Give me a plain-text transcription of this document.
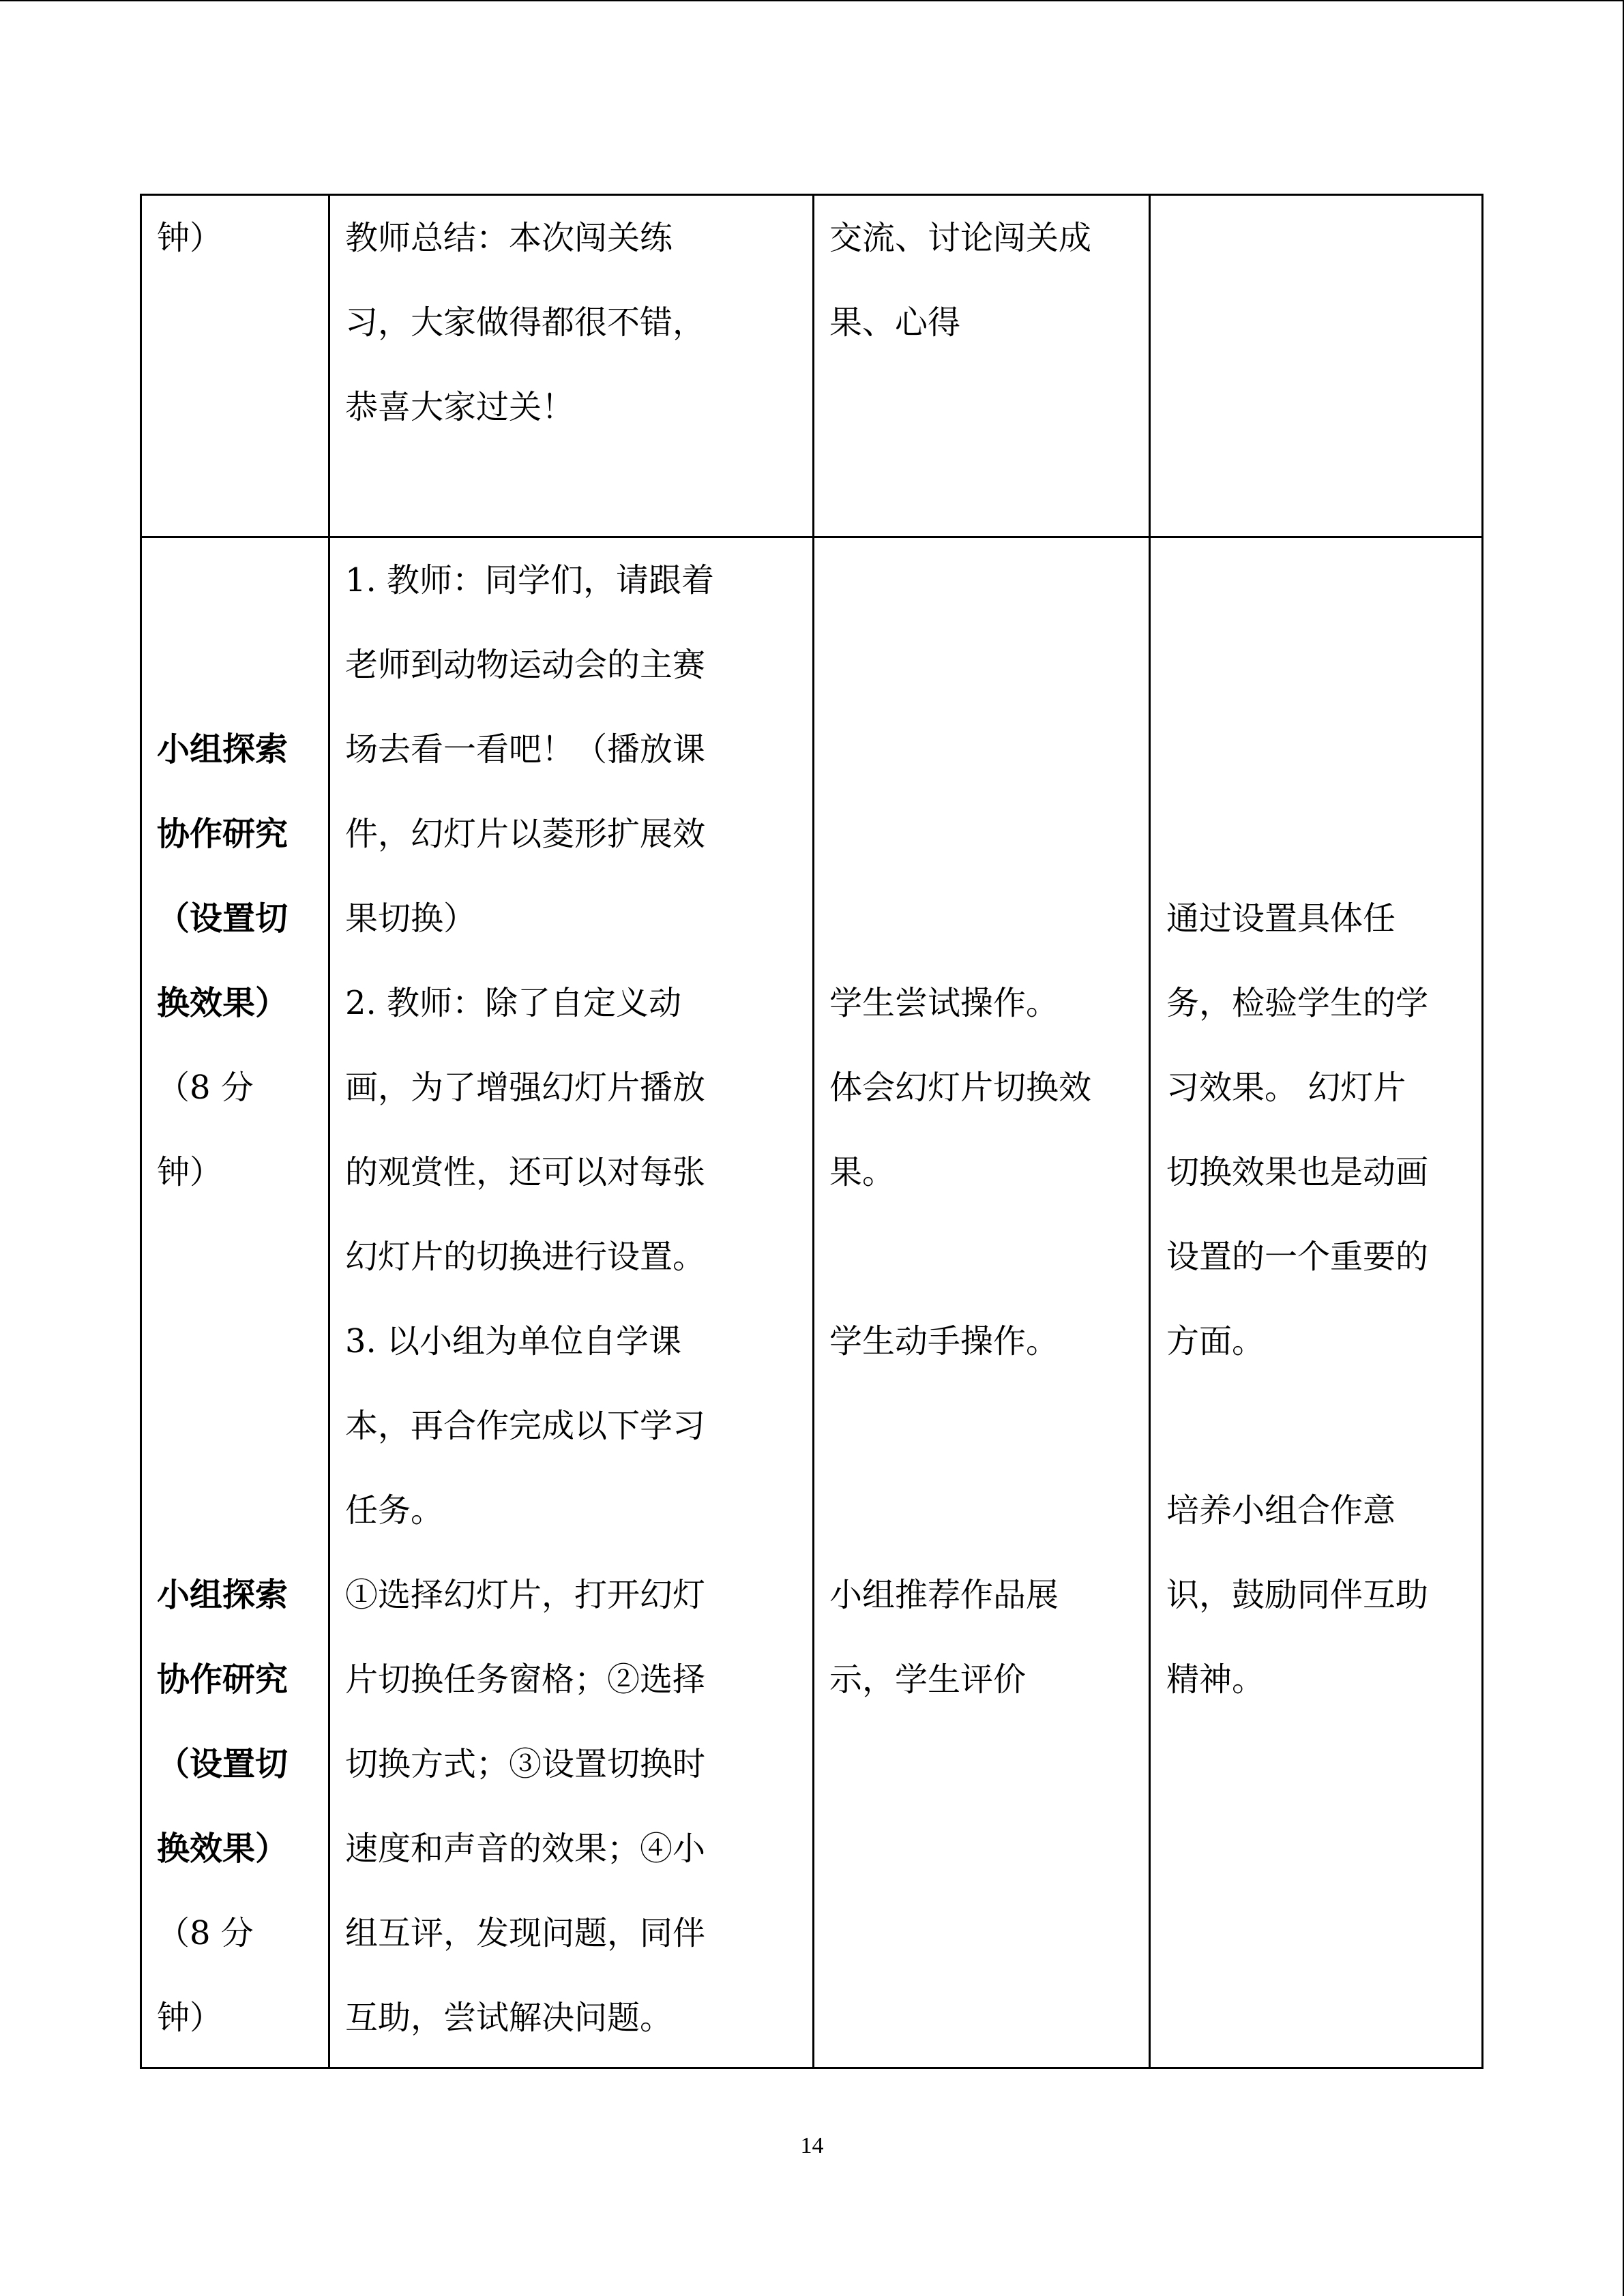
钟）	教师总结：本次闯关练
习，大家做得都很不错，
恭喜大家过关！
交流、讨论闯关成
果、心得

小组探索
协作研究
（设置切
换效果）
（8 分
钟）

小组探索
协作研究
（设置切
换效果）
（8 分
钟）
1. 教师：同学们，请跟着
老师到动物运动会的主赛
场去看一看吧！（播放课
件，幻灯片以菱形扩展效
果切换）
2. 教师：除了自定义动
画，为了增强幻灯片播放
的观赏性，还可以对每张
幻灯片的切换进行设置。
3. 以小组为单位自学课
本，再合作完成以下学习
任务。
①选择幻灯片，打开幻灯
片切换任务窗格；②选择
切换方式；③设置切换时
速度和声音的效果；④小
组互评，发现问题，同伴
互助，尝试解决问题。

学生尝试操作。
体会幻灯片切换效
果。

学生动手操作。

小组推荐作品展
示，学生评价

通过设置具体任
务，检验学生的学
习效果。 幻灯片
切换效果也是动画
设置的一个重要的
方面。

培养小组合作意
识，鼓励同伴互助
精神。
14
